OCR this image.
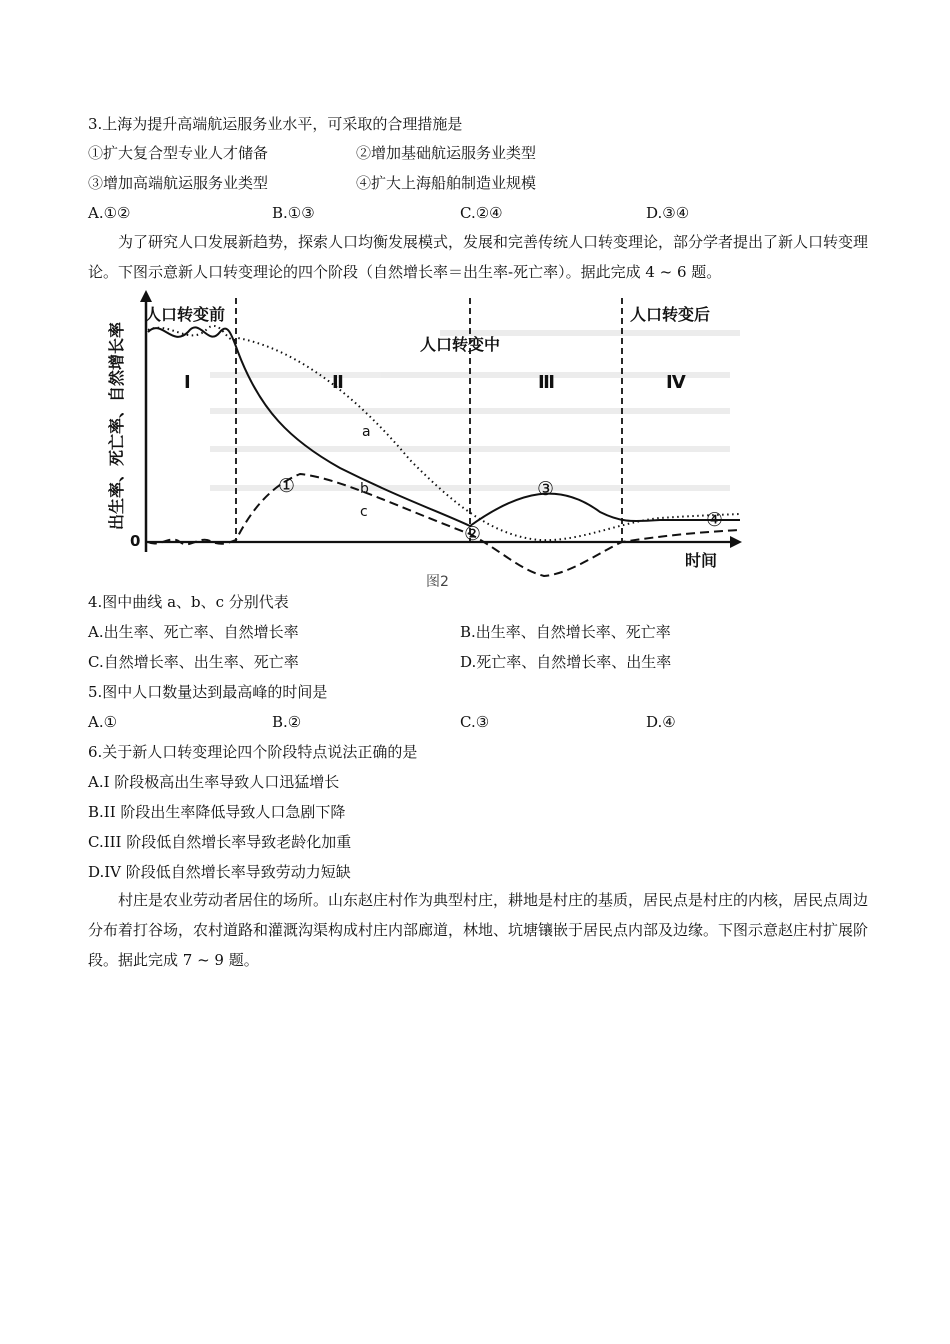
3.上海为提升高端航运服务业水平，可采取的合理措施是
①扩大复合型专业人才储备	②增加基础航运服务业类型
③增加高端航运服务业类型	④扩大上海船舶制造业规模
A.①②	B.①③	C.②④	D.③④
为了研究人口发展新趋势，探索人口均衡发展模式，发展和完善传统人口转变理论，部分学者提出了新人口转变理论。下图示意新人口转变理论的四个阶段（自然增长率＝出生率-死亡率）。据此完成 4 ~ 6 题。
人口转变前
人口转变中
人口转变后
Ⅰ	Ⅱ	Ⅲ	Ⅳ
a
b
c
①
②
③
④
0
时间
出生率、死亡率、自然增长率
图2
4.图中曲线 a、b、c 分别代表
A.出生率、死亡率、自然增长率	B.出生率、自然增长率、死亡率
C.自然增长率、出生率、死亡率	D.死亡率、自然增长率、出生率
5.图中人口数量达到最高峰的时间是
A.①	B.②	C.③	D.④
6.关于新人口转变理论四个阶段特点说法正确的是
A.I 阶段极高出生率导致人口迅猛增长
B.II 阶段出生率降低导致人口急剧下降
C.III 阶段低自然增长率导致老龄化加重
D.IV 阶段低自然增长率导致劳动力短缺
村庄是农业劳动者居住的场所。山东赵庄村作为典型村庄，耕地是村庄的基质，居民点是村庄的内核，居民点周边分布着打谷场，农村道路和灌溉沟渠构成村庄内部廊道，林地、坑塘镶嵌于居民点内部及边缘。下图示意赵庄村扩展阶段。据此完成 7 ~ 9 题。
